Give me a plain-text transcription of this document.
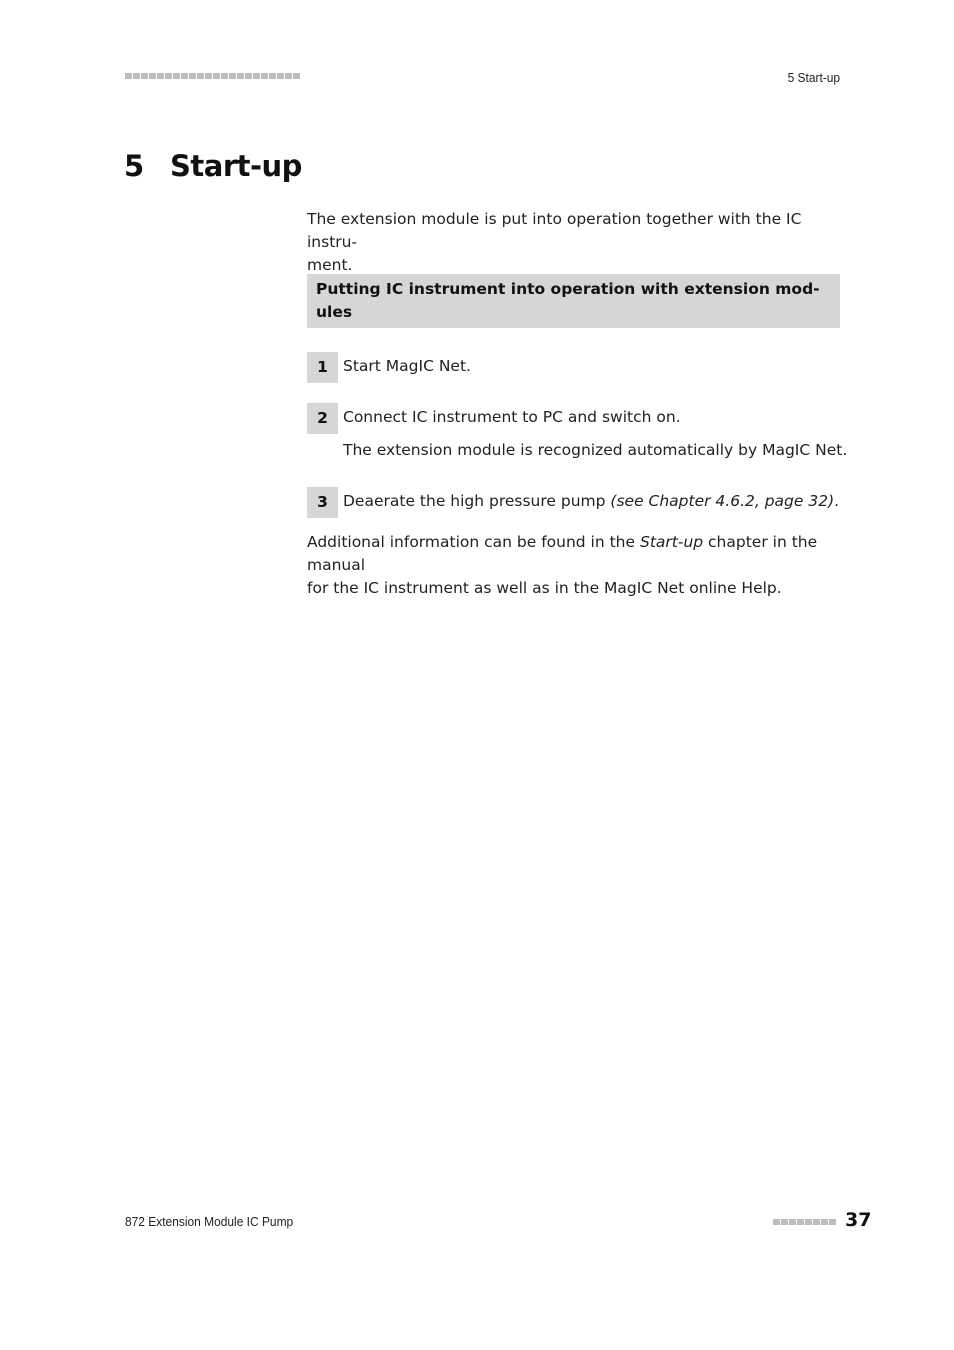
5 Start-up
5 Start-up

The extension module is put into operation together with the IC instru-

ment.

Putting IC instrument into operation with extension mod-

ules

1 Start MagIC Net.
2 Connect IC instrument to PC and switch on.
The extension module is recognized automatically by MagIC Net.
3 Deaerate the high pressure pump (see Chapter 4.6.2, page 32).

Additional information can be found in the Start-up chapter in the manual

for the IC instrument as well as in the MagIC Net online Help.

872 Extension Module IC Pump	37
